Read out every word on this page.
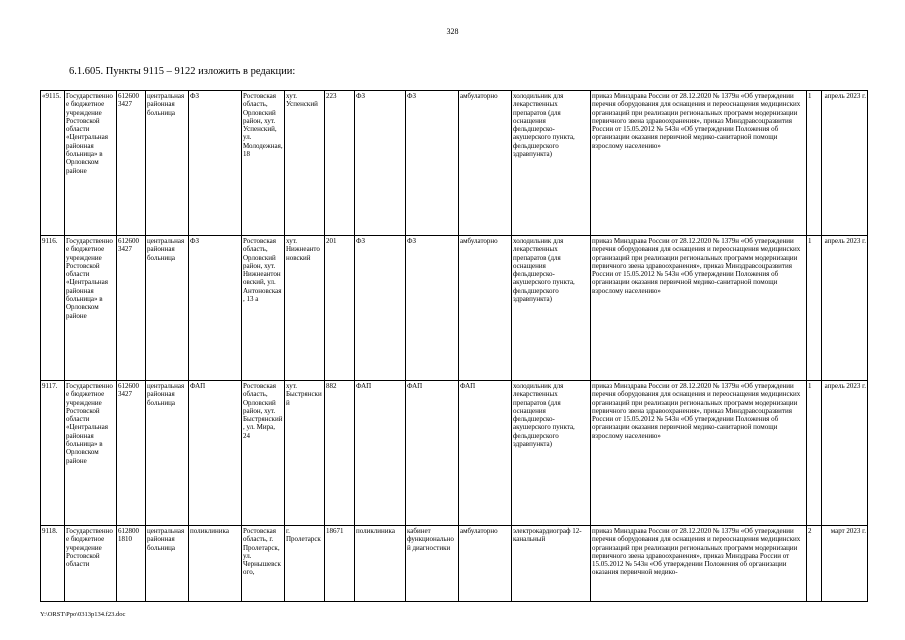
328
6.1.605. Пункты 9115 – 9122 изложить в редакции:
«9115.	Государственное бюджетное учреждение Ростовской области «Центральная районная больница» в Орловском районе	612600 3427	центральная районная больница	ФЗ	Ростовская область, Орловский район, хут. Успенский, ул. Молодежная, 18	хут. Успенский	223	ФЗ	ФЗ	амбулаторно	холодильник для лекарственных препаратов (для оснащения фельдшерско-акушерского пункта, фельдшерского здравпункта)	приказ Минздрава России от 28.12.2020 № 1379н «Об утверждении перечня оборудования для оснащения и переоснащения медицинских организаций при реализации региональных программ модернизации первичного звена здравоохранения», приказ Минздравсоцразвития России от 15.05.2012 № 543н «Об утверждении Положения об организации оказания первичной медико-санитарной помощи взрослому населению»	1	апрель 2023 г.
9116.	Государственное бюджетное учреждение Ростовской области «Центральная районная больница» в Орловском районе	612600 3427	центральная районная больница	ФЗ	Ростовская область, Орловский район, хут. Нижнеантоновский, ул. Антоновская, 13 а	хут. Нижнеантоновский	201	ФЗ	ФЗ	амбулаторно	холодильник для лекарственных препаратов (для оснащения фельдшерско-акушерского пункта, фельдшерского здравпункта)	приказ Минздрава России от 28.12.2020 № 1379н «Об утверждении перечня оборудования для оснащения и переоснащения медицинских организаций при реализации региональных программ модернизации первичного звена здравоохранения», приказ Минздравсоцразвития России от 15.05.2012 № 543н «Об утверждении Положения об организации оказания первичной медико-санитарной помощи взрослому населению»	1	апрель 2023 г.
9117.	Государственное бюджетное учреждение Ростовской области «Центральная районная больница» в Орловском районе	612600 3427	центральная районная больница	ФАП	Ростовская область, Орловский район, хут. Быстрянский, ул. Мира, 24	хут. Быстрянский	882	ФАП	ФАП	ФАП	холодильник для лекарственных препаратов (для оснащения фельдшерско-акушерского пункта, фельдшерского здравпункта)	приказ Минздрава России от 28.12.2020 № 1379н «Об утверждении перечня оборудования для оснащения и переоснащения медицинских организаций при реализации региональных программ модернизации первичного звена здравоохранения», приказ Минздравсоцразвития России от 15.05.2012 № 543н «Об утверждении Положения об организации оказания первичной медико-санитарной помощи взрослому населению»	1	апрель 2023 г.
9118.	Государственное бюджетное учреждение Ростовской области	612800 1810	центральная районная больница	поликлиника	Ростовская область, г. Пролетарск, ул. Чернышевского,	г. Пролетарск	18671	поликлиника	кабинет функциональной диагностики	амбулаторно	электрокардиограф 12-канальный	приказ Минздрава России от 28.12.2020 № 1379н «Об утверждении перечня оборудования для оснащения и переоснащения медицинских организаций при реализации региональных программ модернизации первичного звена здравоохранения», приказ Минздрава России от 15.05.2012 № 543н «Об утверждении Положения об организации оказания первичной медико-	2	март 2023 г.
Y:\ORST\Ppo\0313p134.f23.doc
